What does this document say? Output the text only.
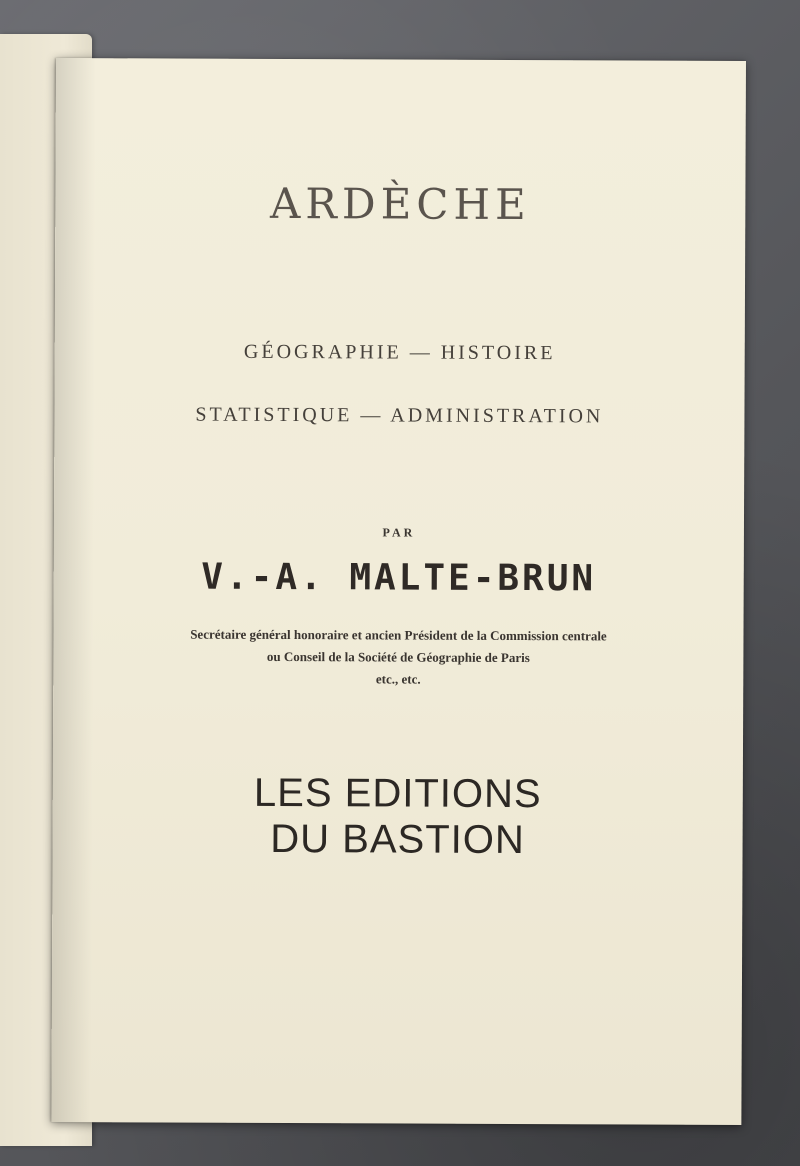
ARDÈCHE
GÉOGRAPHIE — HISTOIRE
STATISTIQUE — ADMINISTRATION
PAR
V.-A. MALTE-BRUN
Secrétaire général honoraire et ancien Président de la Commission centrale
ou Conseil de la Société de Géographie de Paris
etc., etc.
LES EDITIONS
DU BASTION
